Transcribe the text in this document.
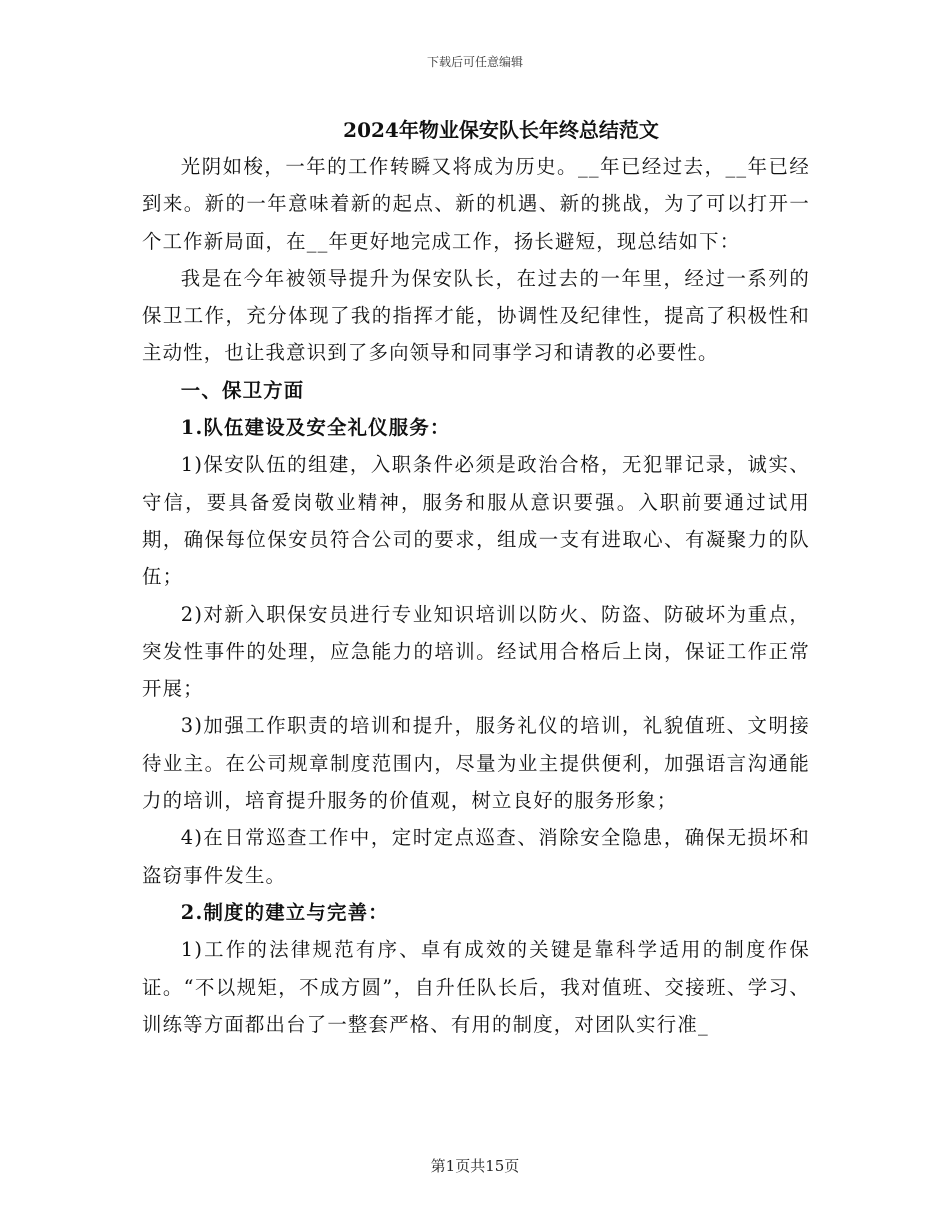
下载后可任意编辑
2024年物业保安队长年终总结范文

光阴如梭，一年的工作转瞬又将成为历史。__年已经过去，__年已经到来。新的一年意味着新的起点、新的机遇、新的挑战，为了可以打开一个工作新局面，在__年更好地完成工作，扬长避短，现总结如下：

我是在今年被领导提升为保安队长，在过去的一年里，经过一系列的保卫工作，充分体现了我的指挥才能，协调性及纪律性，提高了积极性和主动性，也让我意识到了多向领导和同事学习和请教的必要性。

一、保卫方面

1.队伍建设及安全礼仪服务：

1)保安队伍的组建，入职条件必须是政治合格，无犯罪记录，诚实、守信，要具备爱岗敬业精神，服务和服从意识要强。入职前要通过试用期，确保每位保安员符合公司的要求，组成一支有进取心、有凝聚力的队伍；

2)对新入职保安员进行专业知识培训以防火、防盗、防破坏为重点，突发性事件的处理，应急能力的培训。经试用合格后上岗，保证工作正常开展；

3)加强工作职责的培训和提升，服务礼仪的培训，礼貌值班、文明接待业主。在公司规章制度范围内，尽量为业主提供便利，加强语言沟通能力的培训，培育提升服务的价值观，树立良好的服务形象；

4)在日常巡查工作中，定时定点巡查、消除安全隐患，确保无损坏和盗窃事件发生。

2.制度的建立与完善：

1)工作的法律规范有序、卓有成效的关键是靠科学适用的制度作保证。“不以规矩，不成方圆”，自升任队长后，我对值班、交接班、学习、训练等方面都出台了一整套严格、有用的制度，对团队实行准_

第1页共15页
